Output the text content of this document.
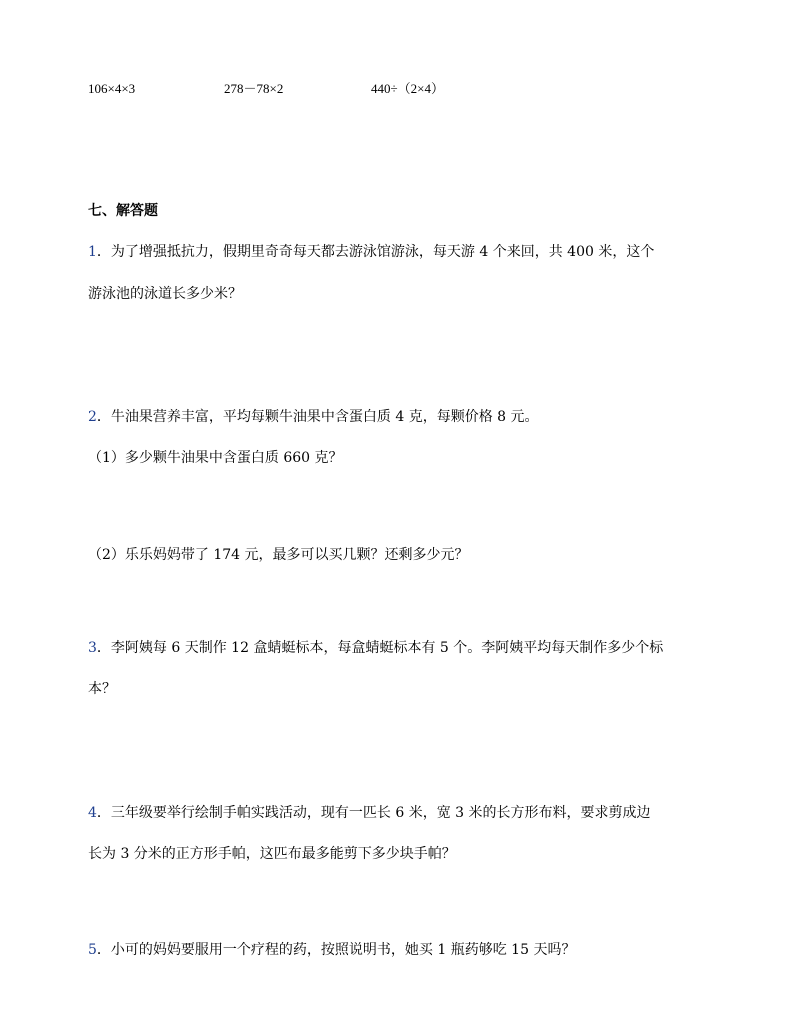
106×4×3	278－78×2	440÷（2×4）
七、解答题
1．为了增强抵抗力，假期里奇奇每天都去游泳馆游泳，每天游 4 个来回，共 400 米，这个
游泳池的泳道长多少米？
2．牛油果营养丰富，平均每颗牛油果中含蛋白质 4 克，每颗价格 8 元。
（1）多少颗牛油果中含蛋白质 660 克？
（2）乐乐妈妈带了 174 元，最多可以买几颗？还剩多少元？
3．李阿姨每 6 天制作 12 盒蜻蜓标本，每盒蜻蜓标本有 5 个。李阿姨平均每天制作多少个标
本？
4．三年级要举行绘制手帕实践活动，现有一匹长 6 米，宽 3 米的长方形布料，要求剪成边
长为 3 分米的正方形手帕，这匹布最多能剪下多少块手帕？
5．小可的妈妈要服用一个疗程的药，按照说明书，她买 1 瓶药够吃 15 天吗？
